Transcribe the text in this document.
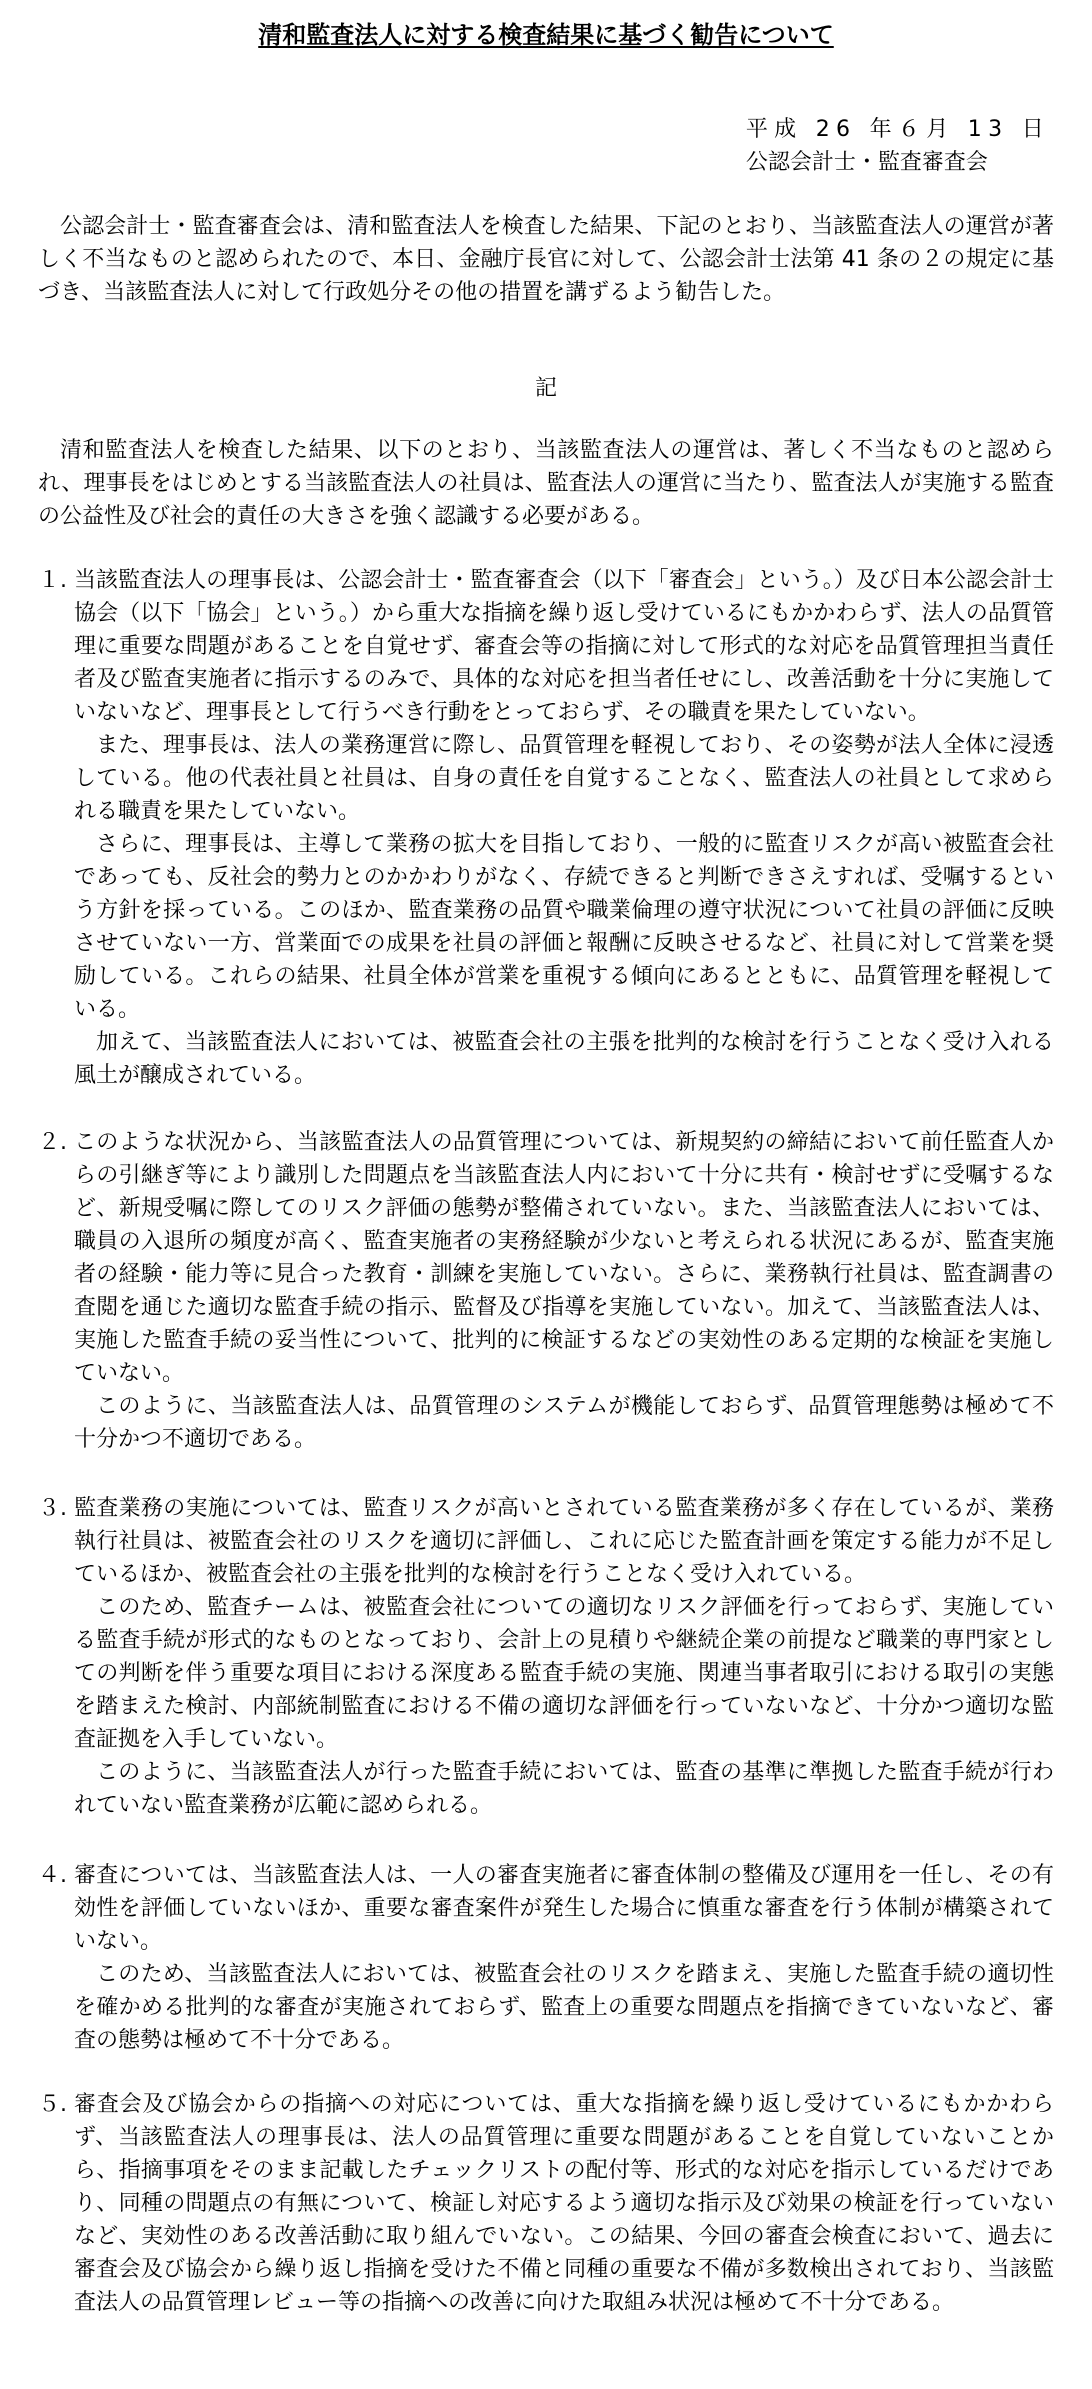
清和監査法人に対する検査結果に基づく勧告について
平成 26 年６月 13 日
公認会計士・監査審査会

公認会計士・監査審査会は、清和監査法人を検査した結果、下記のとおり、当該監査法人の運営が著しく不当なものと認められたので、本日、金融庁長官に対して、公認会計士法第 41 条の２の規定に基づき、当該監査法人に対して行政処分その他の措置を講ずるよう勧告した。

記

清和監査法人を検査した結果、以下のとおり、当該監査法人の運営は、著しく不当なものと認められ、理事長をはじめとする当該監査法人の社員は、監査法人の運営に当たり、監査法人が実施する監査の公益性及び社会的責任の大きさを強く認識する必要がある。

１. 当該監査法人の理事長は、公認会計士・監査審査会（以下「審査会」という。）及び日本公認会計士協会（以下「協会」という。）から重大な指摘を繰り返し受けているにもかかわらず、法人の品質管理に重要な問題があることを自覚せず、審査会等の指摘に対して形式的な対応を品質管理担当責任者及び監査実施者に指示するのみで、具体的な対応を担当者任せにし、改善活動を十分に実施していないなど、理事長として行うべき行動をとっておらず、その職責を果たしていない。

また、理事長は、法人の業務運営に際し、品質管理を軽視しており、その姿勢が法人全体に浸透している。他の代表社員と社員は、自身の責任を自覚することなく、監査法人の社員として求められる職責を果たしていない。

さらに、理事長は、主導して業務の拡大を目指しており、一般的に監査リスクが高い被監査会社であっても、反社会的勢力とのかかわりがなく、存続できると判断できさえすれば、受嘱するという方針を採っている。このほか、監査業務の品質や職業倫理の遵守状況について社員の評価に反映させていない一方、営業面での成果を社員の評価と報酬に反映させるなど、社員に対して営業を奨励している。これらの結果、社員全体が営業を重視する傾向にあるとともに、品質管理を軽視している。

加えて、当該監査法人においては、被監査会社の主張を批判的な検討を行うことなく受け入れる風土が醸成されている。

２. このような状況から、当該監査法人の品質管理については、新規契約の締結において前任監査人からの引継ぎ等により識別した問題点を当該監査法人内において十分に共有・検討せずに受嘱するなど、新規受嘱に際してのリスク評価の態勢が整備されていない。また、当該監査法人においては、職員の入退所の頻度が高く、監査実施者の実務経験が少ないと考えられる状況にあるが、監査実施者の経験・能力等に見合った教育・訓練を実施していない。さらに、業務執行社員は、監査調書の査閲を通じた適切な監査手続の指示、監督及び指導を実施していない。加えて、当該監査法人は、実施した監査手続の妥当性について、批判的に検証するなどの実効性のある定期的な検証を実施していない。

このように、当該監査法人は、品質管理のシステムが機能しておらず、品質管理態勢は極めて不十分かつ不適切である。

３. 監査業務の実施については、監査リスクが高いとされている監査業務が多く存在しているが、業務執行社員は、被監査会社のリスクを適切に評価し、これに応じた監査計画を策定する能力が不足しているほか、被監査会社の主張を批判的な検討を行うことなく受け入れている。

このため、監査チームは、被監査会社についての適切なリスク評価を行っておらず、実施している監査手続が形式的なものとなっており、会計上の見積りや継続企業の前提など職業的専門家としての判断を伴う重要な項目における深度ある監査手続の実施、関連当事者取引における取引の実態を踏まえた検討、内部統制監査における不備の適切な評価を行っていないなど、十分かつ適切な監査証拠を入手していない。

このように、当該監査法人が行った監査手続においては、監査の基準に準拠した監査手続が行われていない監査業務が広範に認められる。

４. 審査については、当該監査法人は、一人の審査実施者に審査体制の整備及び運用を一任し、その有効性を評価していないほか、重要な審査案件が発生した場合に慎重な審査を行う体制が構築されていない。

このため、当該監査法人においては、被監査会社のリスクを踏まえ、実施した監査手続の適切性を確かめる批判的な審査が実施されておらず、監査上の重要な問題点を指摘できていないなど、審査の態勢は極めて不十分である。

５. 審査会及び協会からの指摘への対応については、重大な指摘を繰り返し受けているにもかかわらず、当該監査法人の理事長は、法人の品質管理に重要な問題があることを自覚していないことから、指摘事項をそのまま記載したチェックリストの配付等、形式的な対応を指示しているだけであり、同種の問題点の有無について、検証し対応するよう適切な指示及び効果の検証を行っていないなど、実効性のある改善活動に取り組んでいない。この結果、今回の審査会検査において、過去に審査会及び協会から繰り返し指摘を受けた不備と同種の重要な不備が多数検出されており、当該監査法人の品質管理レビュー等の指摘への改善に向けた取組み状況は極めて不十分である。
